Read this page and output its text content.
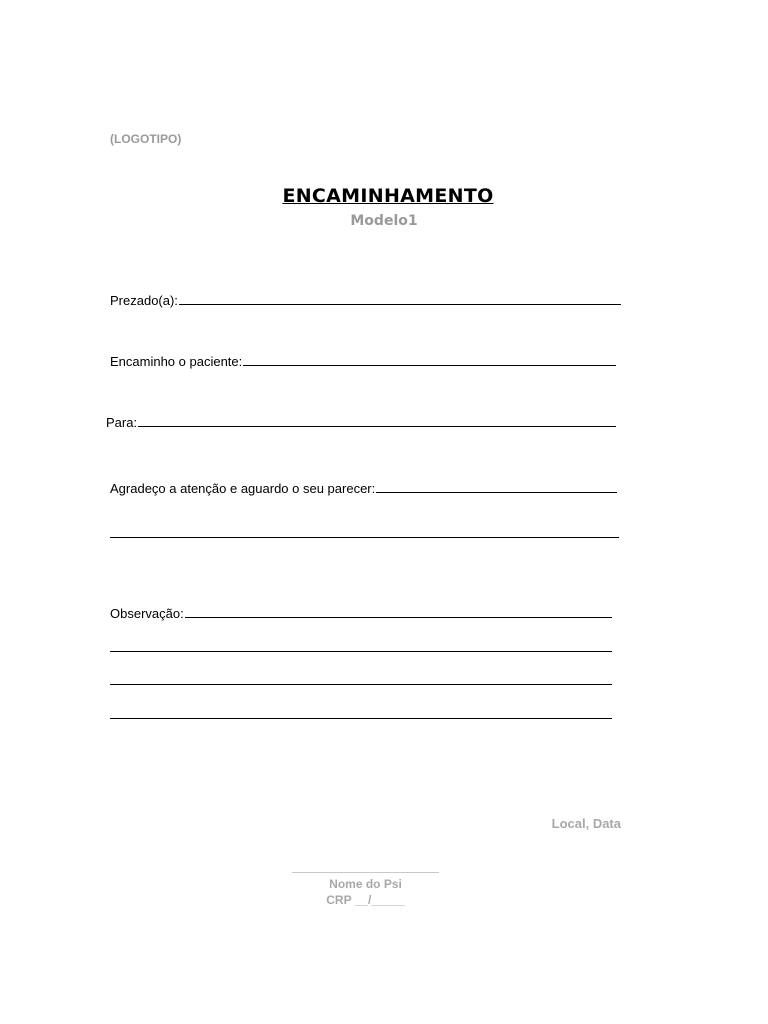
(LOGOTIPO)
ENCAMINHAMENTO
Modelo1
Prezado(a):
Encaminho o paciente:
Para:
Agradeço a atenção e aguardo o seu parecer:
Observação:
Local, Data
Nome do Psi
CRP __/_____
